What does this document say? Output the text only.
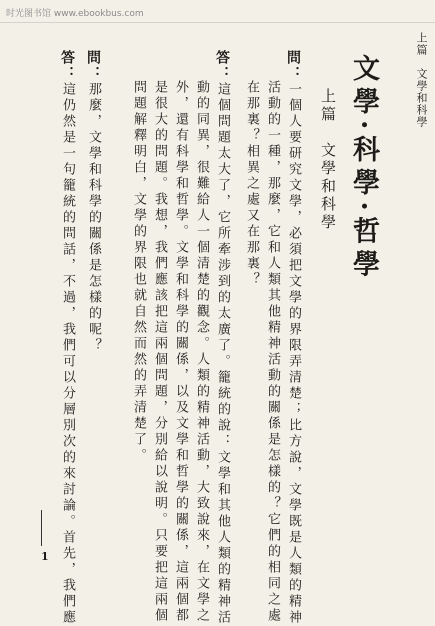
时光图书馆 www.ebookbus.com
上篇　文學和科學
文學·科學·哲學
上篇　文學和科學
問：一個人要研究文學，必須把文學的界限弄清楚；比方說，文學既是人類的精神
活動的一種，那麼，它和人類其他精神活動的關係是怎樣的？它們的相同之處
在那裏？相異之處又在那裏？
答：這個問題太大了，它所牽涉到的太廣了。籠統的說：文學和其他人類的精神活
動的同異，很難給人一個清楚的觀念。人類的精神活動，大致說來，在文學之
外，還有科學和哲學。文學和科學的關係，以及文學和哲學的關係，這兩個都
是很大的問題。我想，我們應該把這兩個問題，分別給以說明。只要把這兩個
問題解釋明白，文學的界限也就自然而然的弄清楚了。
問：那麼，文學和科學的關係是怎樣的呢？
答：這仍然是一句籠統的問話，不過，我們可以分層別次的來討論。首先，我們應
1
